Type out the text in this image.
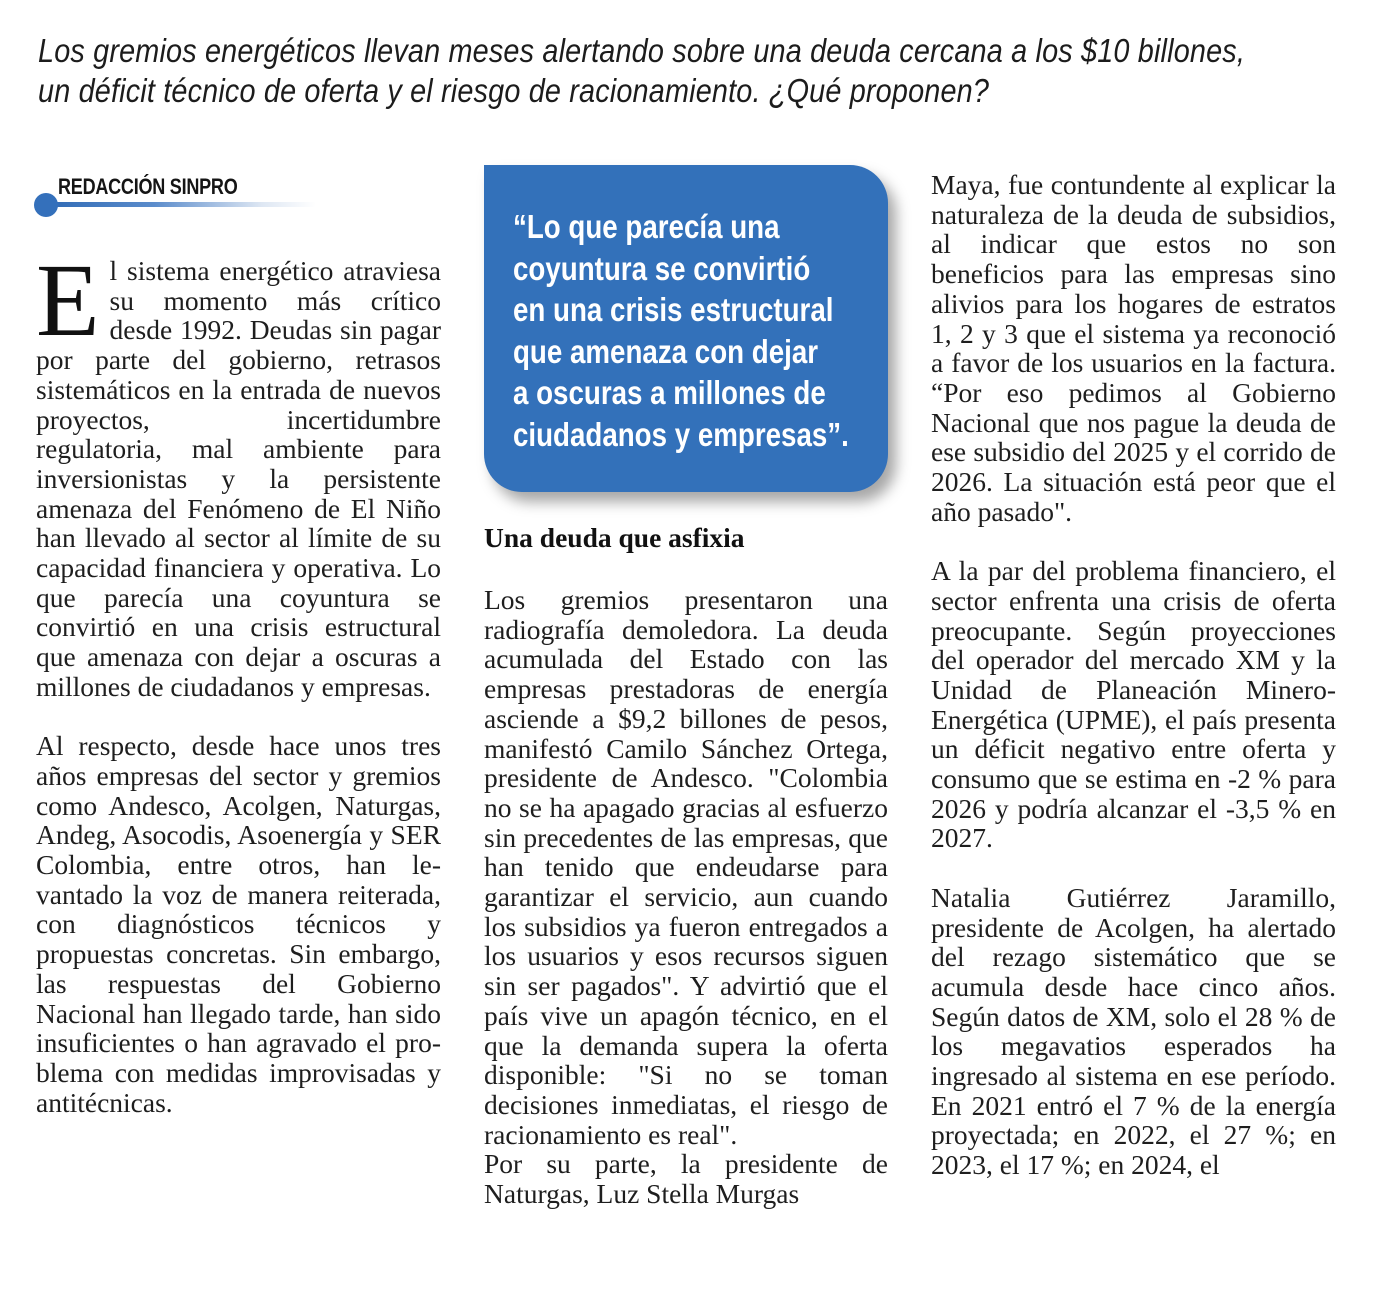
Los gremios energéticos llevan meses alertando sobre una deuda cercana a los $10 billones,
un déficit técnico de oferta y el riesgo de racionamiento. ¿Qué proponen?
REDACCIÓN SINPRO

El sistema energético atraviesa su momento más crítico desde 1992. Deudas sin pagar por parte del gobierno, retrasos sistemáticos en la entrada de nuevos proyectos, incertidumbre regulatoria, mal ambiente para inversionistas y la persistente amenaza del Fenómeno de El Niño han llevado al sector al límite de su capacidad financiera y operativa. Lo que parecía una coyuntura se convirtió en una crisis estructural que amenaza con dejar a oscuras a millones de ciudadanos y empresas.

Al respecto, desde hace unos tres años empresas del sector y gremios como Andesco, Acolgen, Naturgas, Andeg, Asocodis, Asoenergía y SER Colombia, entre otros, han levantado la voz de manera reiterada, con diagnósticos técnicos y propuestas concretas. Sin embargo, las respuestas del Gobierno Nacional han llegado tarde, han sido insuficientes o han agravado el problema con medidas improvisadas y antitécnicas.

“Lo que parecía una
coyuntura se convirtió
en una crisis estructural
que amenaza con dejar
a oscuras a millones de
ciudadanos y empresas”.
Una deuda que asfixia

Los gremios presentaron una radiografía demoledora. La deuda acumulada del Estado con las empresas prestadoras de energía asciende a $9,2 billones de pesos, manifestó Camilo Sánchez Ortega, presidente de Andesco. "Colombia no se ha apagado gracias al esfuerzo sin precedentes de las empresas, que han tenido que endeudarse para garantizar el servicio, aun cuando los subsidios ya fueron entregados a los usuarios y esos recursos siguen sin ser pagados". Y advirtió que el país vive un apagón técnico, en el que la demanda supera la oferta disponible: "Si no se toman decisiones inmediatas, el riesgo de racionamiento es real".

Por su parte, la presidente de Naturgas, Luz Stella Murgas

Maya, fue contundente al explicar la naturaleza de la deuda de subsidios, al indicar que estos no son beneficios para las empresas sino alivios para los hogares de estratos 1, 2 y 3 que el sistema ya reconoció a favor de los usuarios en la factura. “Por eso pedimos al Gobierno Nacional que nos pague la deuda de ese subsidio del 2025 y el corrido de 2026. La situación está peor que el año pasado".

A la par del problema financiero, el sector enfrenta una crisis de oferta preocupante. Según proyecciones del operador del mercado XM y la Unidad de Planeación Minero-Energética (UPME), el país presenta un déficit negativo entre oferta y consumo que se estima en -2 % para 2026 y podría alcanzar el -3,5 % en 2027.

Natalia Gutiérrez Jaramillo, presidente de Acolgen, ha alertado del rezago sistemático que se acumula desde hace cinco años. Según datos de XM, solo el 28 % de los megavatios esperados ha ingresado al sistema en ese período. En 2021 entró el 7 % de la energía proyectada; en 2022, el 27 %; en 2023, el 17 %; en 2024, el
